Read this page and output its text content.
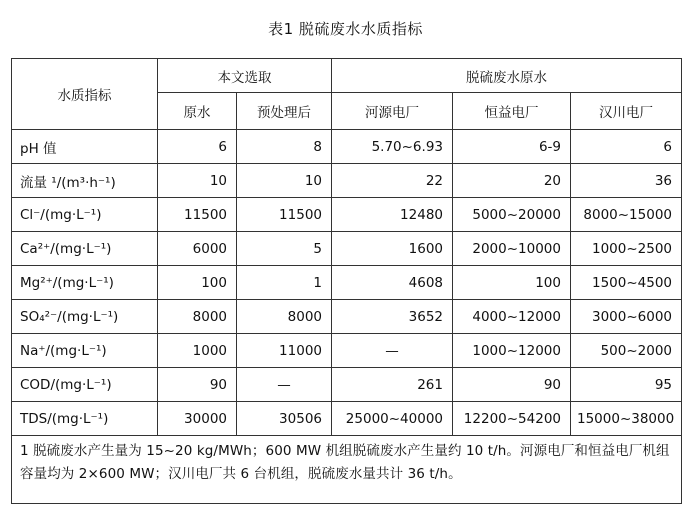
表1 脱硫废水水质指标
水质指标	本文选取		脱硫废水原水		
	原水	预处理后	河源电厂	恒益电厂	汉川电厂
pH 值	6	8	5.70~6.93	6-9	6
流量 ¹/(m³·h⁻¹)	10	10	22	20	36
Cl⁻/(mg·L⁻¹)	11500	11500	12480	5000~20000	8000~15000
Ca²⁺/(mg·L⁻¹)	6000	5	1600	2000~10000	1000~2500
Mg²⁺/(mg·L⁻¹)	100	1	4608	100	1500~4500
SO₄²⁻/(mg·L⁻¹)	8000	8000	3652	4000~12000	3000~6000
Na⁺/(mg·L⁻¹)	1000	11000	—	1000~12000	500~2000
COD/(mg·L⁻¹)	90	—	261	90	95
TDS/(mg·L⁻¹)	30000	30506	25000~40000	12200~54200	15000~38000
1 脱硫废水产生量为 15~20 kg/MWh；600 MW 机组脱硫废水产生量约 10 t/h。河源电厂和恒益电厂机组容量均为 2×600 MW；汉川电厂共 6 台机组，脱硫废水量共计 36 t/h。					
